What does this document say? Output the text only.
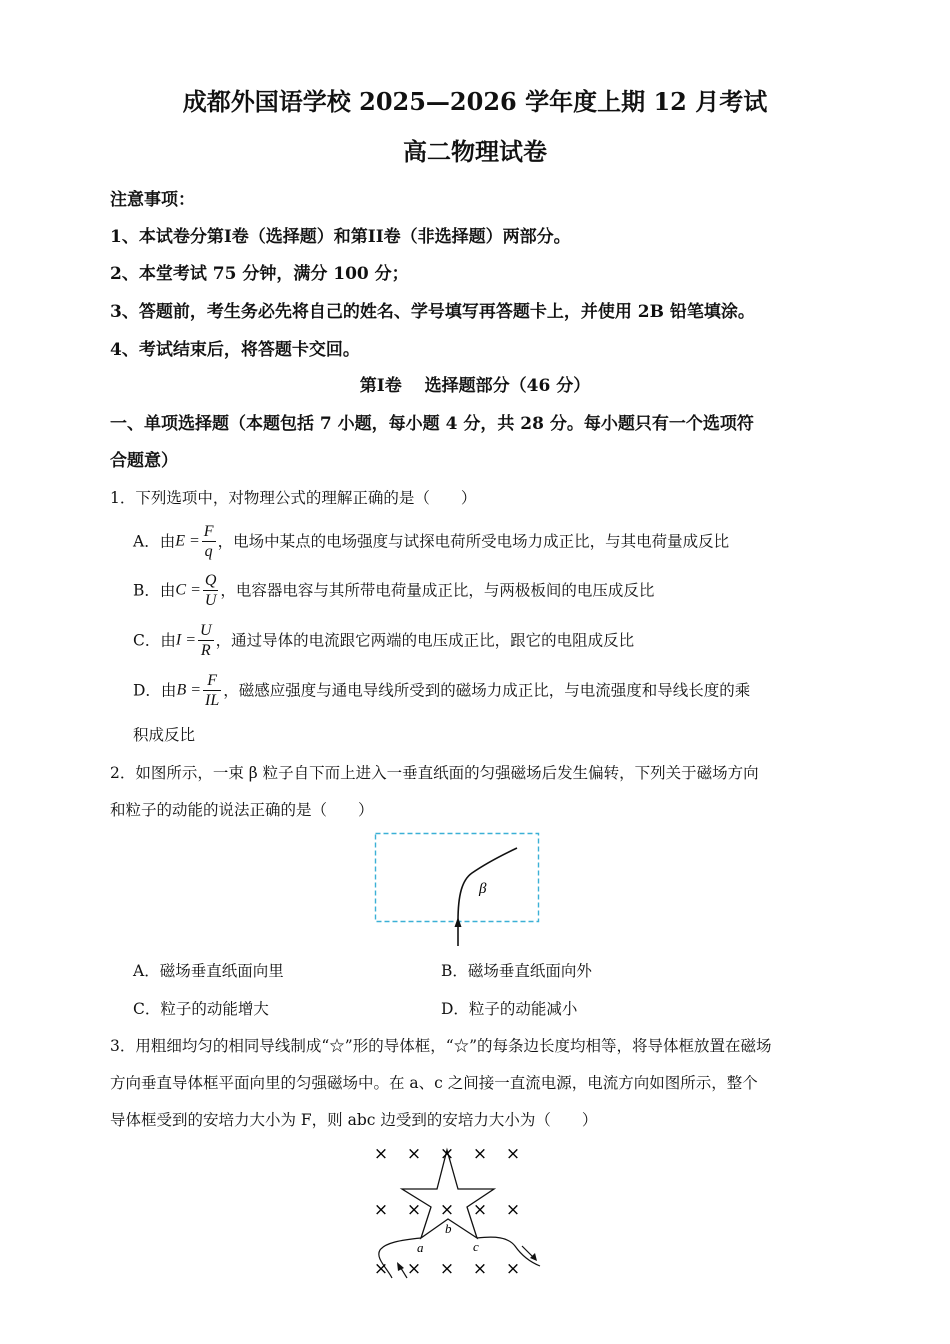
成都外国语学校 2025—2026 学年度上期 12 月考试
高二物理试卷
注意事项：
1、本试卷分第I卷（选择题）和第II卷（非选择题）两部分。
2、本堂考试 75 分钟，满分 100 分；
3、答题前，考生务必先将自己的姓名、学号填写再答题卡上，并使用 2B 铅笔填涂。
4、考试结束后，将答题卡交回。
第I卷　 选择题部分（46 分）
一、单项选择题（本题包括 7 小题，每小题 4 分，共 28 分。每小题只有一个选项符
合题意）
1．下列选项中，对物理公式的理解正确的是（　　）
A．由$E = \frac{F}{q}$ ，电场中某点的电场强度与试探电荷所受电场力成正比，与其电荷量成反比
B．由$C = \frac{Q}{U}$ ，电容器电容与其所带电荷量成正比，与两极板间的电压成反比
C．由$I = \frac{U}{R}$ ，通过导体的电流跟它两端的电压成正比，跟它的电阻成反比
D．由$B = \frac{F}{IL}$ ，磁感应强度与通电导线所受到的磁场力成正比，与电流强度和导线长度的乘
积成反比
2．如图所示，一束 β 粒子自下而上进入一垂直纸面的匀强磁场后发生偏转，下列关于磁场方向
和粒子的动能的说法正确的是（　　）
β
a
b
c
× × × × ×
× × × × ×
× × × × ×
A．磁场垂直纸面向里	B．磁场垂直纸面向外
C．粒子的动能增大	D．粒子的动能减小
3．用粗细均匀的相同导线制成“☆”形的导体框，“☆”的每条边长度均相等，将导体框放置在磁场
方向垂直导体框平面向里的匀强磁场中。在 a、c 之间接一直流电源，电流方向如图所示，整个
导体框受到的安培力大小为 F，则 abc 边受到的安培力大小为（　　）
